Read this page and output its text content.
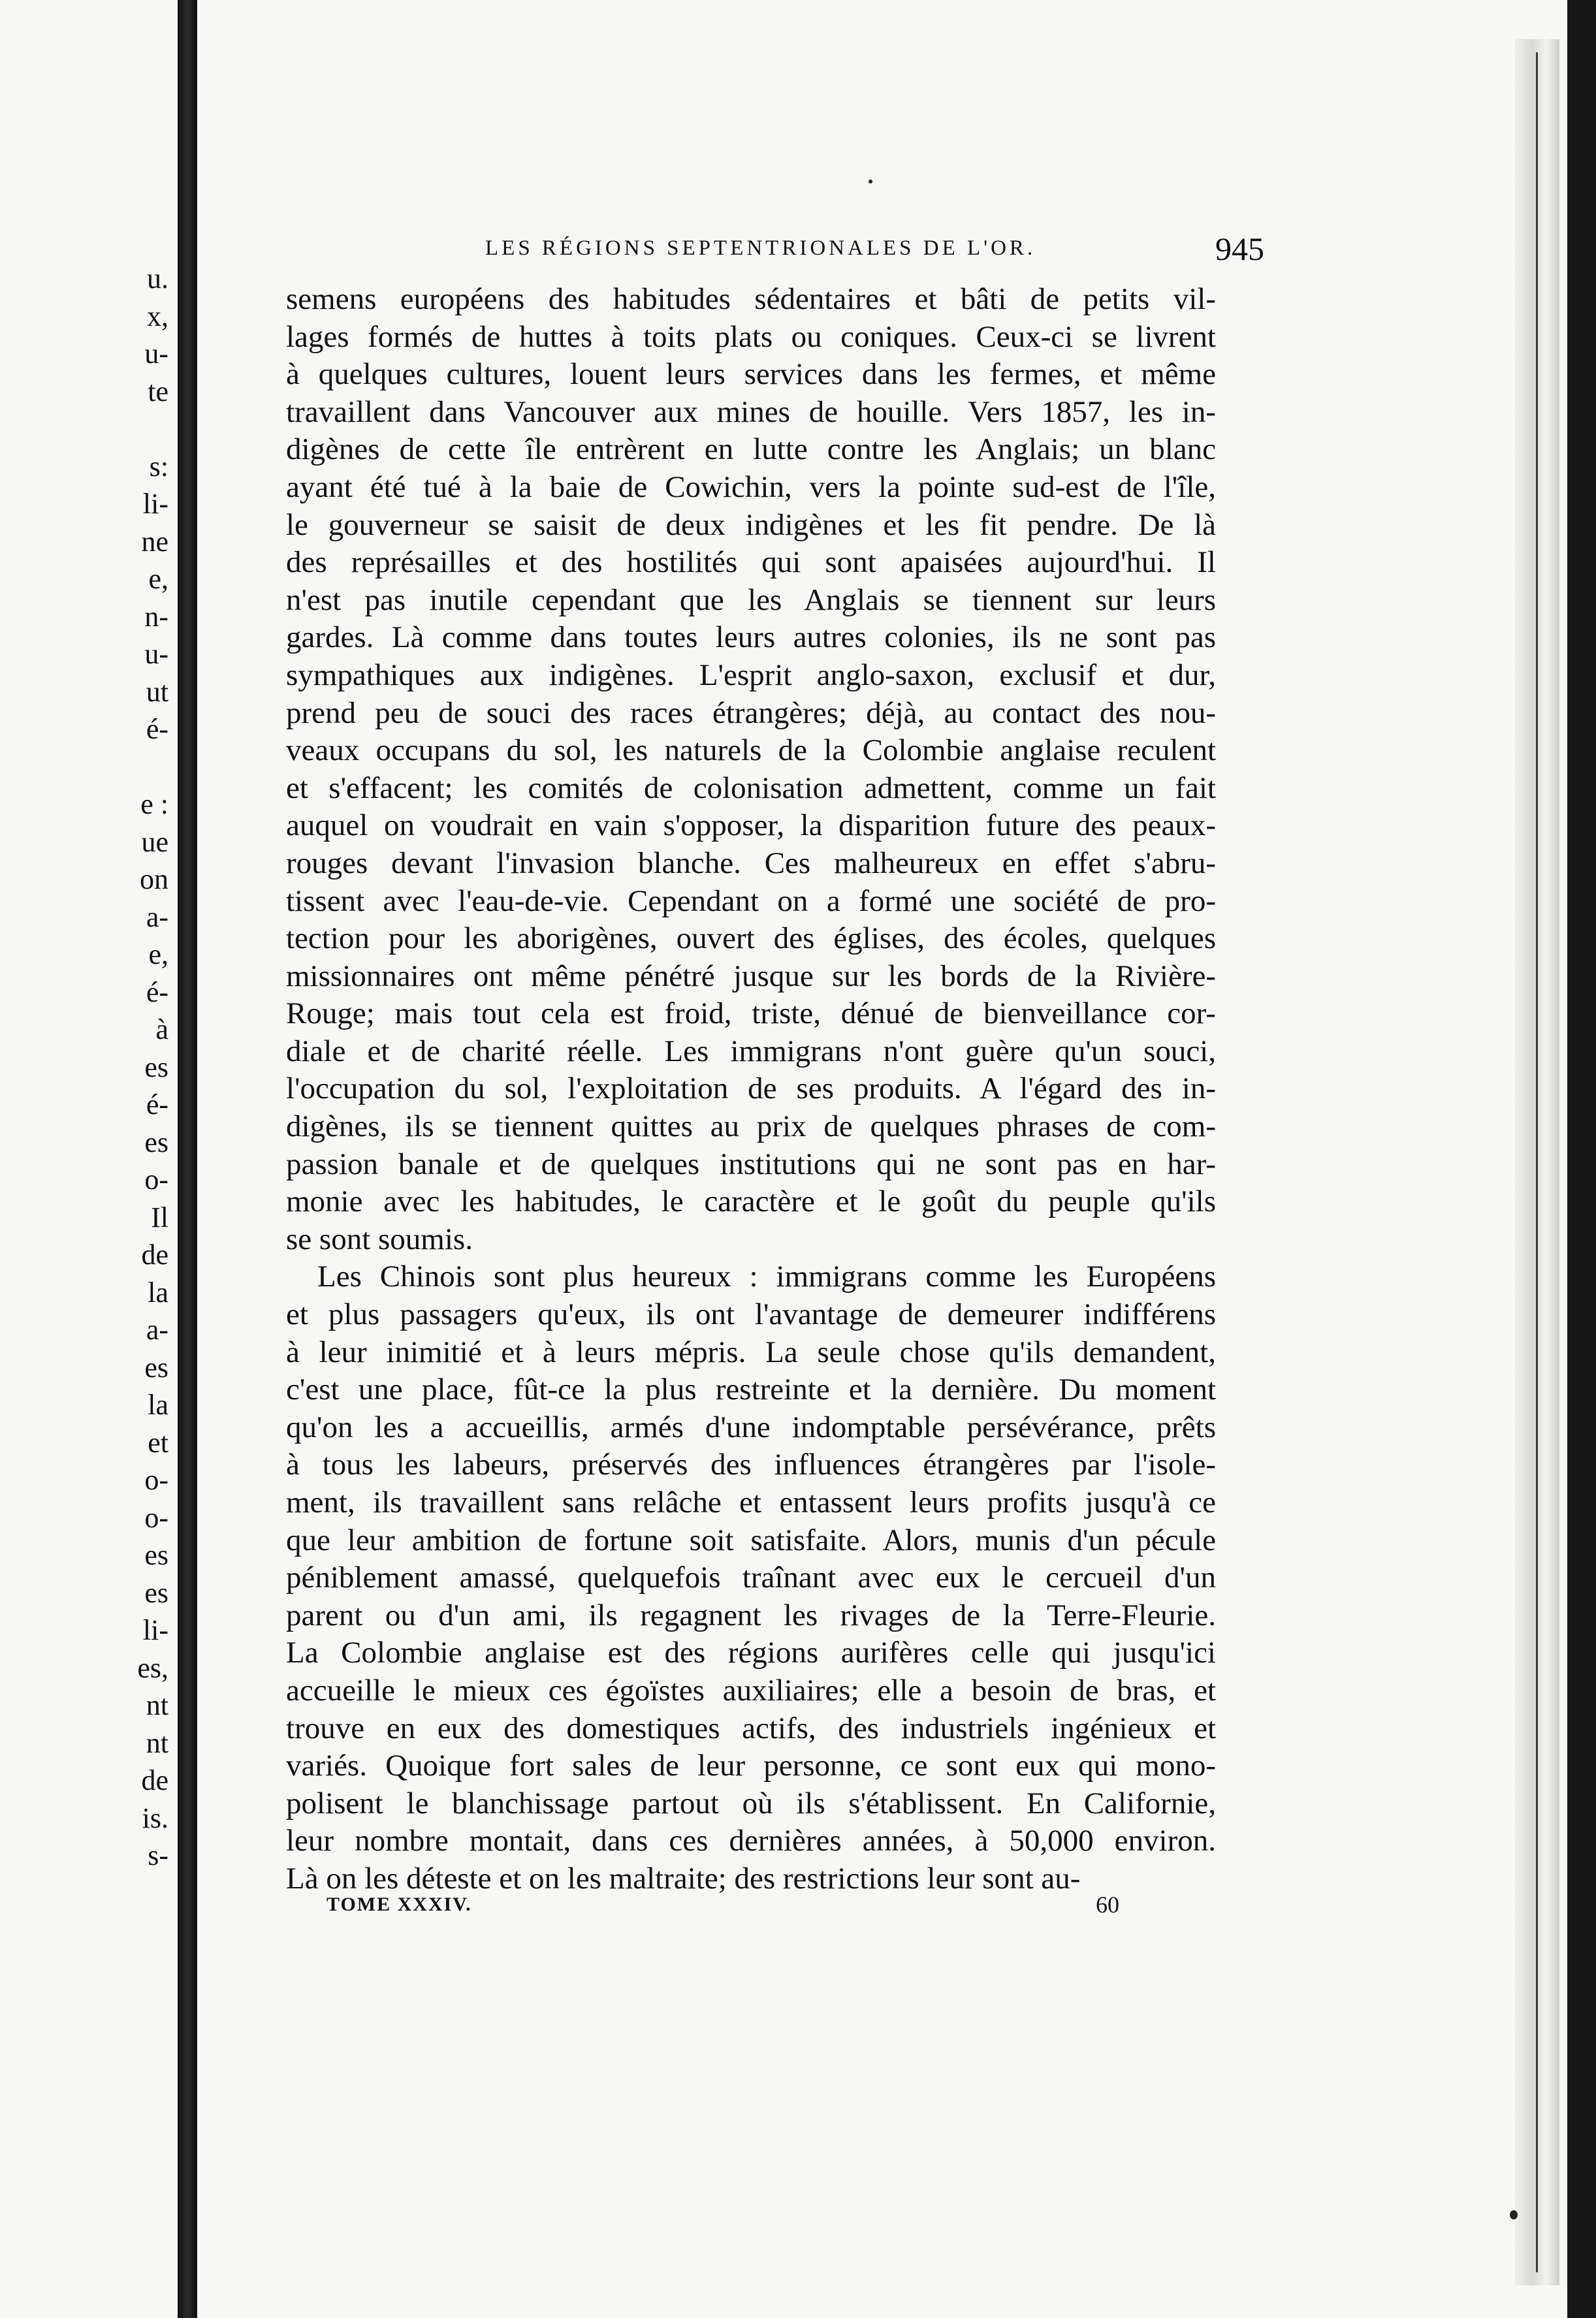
u.
x,
u-
te
s:
li-
ne
e,
n-
u-
ut
é-
e :
ue
on
a-
e,
é-
à
es
é-
es
o-
Il
de
la
a-
es
la
et
o-
o-
es
es
li-
es,
nt
nt
de
is.
s-
LES RÉGIONS SEPTENTRIONALES DE L'OR.	945
semens européens des habitudes sédentaires et bâti de petits vil-
lages formés de huttes à toits plats ou coniques. Ceux-ci se livrent
à quelques cultures, louent leurs services dans les fermes, et même
travaillent dans Vancouver aux mines de houille. Vers 1857, les in-
digènes de cette île entrèrent en lutte contre les Anglais; un blanc
ayant été tué à la baie de Cowichin, vers la pointe sud-est de l'île,
le gouverneur se saisit de deux indigènes et les fit pendre. De là
des représailles et des hostilités qui sont apaisées aujourd'hui. Il
n'est pas inutile cependant que les Anglais se tiennent sur leurs
gardes. Là comme dans toutes leurs autres colonies, ils ne sont pas
sympathiques aux indigènes. L'esprit anglo-saxon, exclusif et dur,
prend peu de souci des races étrangères; déjà, au contact des nou-
veaux occupans du sol, les naturels de la Colombie anglaise reculent
et s'effacent; les comités de colonisation admettent, comme un fait
auquel on voudrait en vain s'opposer, la disparition future des peaux-
rouges devant l'invasion blanche. Ces malheureux en effet s'abru-
tissent avec l'eau-de-vie. Cependant on a formé une société de pro-
tection pour les aborigènes, ouvert des églises, des écoles, quelques
missionnaires ont même pénétré jusque sur les bords de la Rivière-
Rouge; mais tout cela est froid, triste, dénué de bienveillance cor-
diale et de charité réelle. Les immigrans n'ont guère qu'un souci,
l'occupation du sol, l'exploitation de ses produits. A l'égard des in-
digènes, ils se tiennent quittes au prix de quelques phrases de com-
passion banale et de quelques institutions qui ne sont pas en har-
monie avec les habitudes, le caractère et le goût du peuple qu'ils
se sont soumis.
Les Chinois sont plus heureux : immigrans comme les Européens
et plus passagers qu'eux, ils ont l'avantage de demeurer indifférens
à leur inimitié et à leurs mépris. La seule chose qu'ils demandent,
c'est une place, fût-ce la plus restreinte et la dernière. Du moment
qu'on les a accueillis, armés d'une indomptable persévérance, prêts
à tous les labeurs, préservés des influences étrangères par l'isole-
ment, ils travaillent sans relâche et entassent leurs profits jusqu'à ce
que leur ambition de fortune soit satisfaite. Alors, munis d'un pécule
péniblement amassé, quelquefois traînant avec eux le cercueil d'un
parent ou d'un ami, ils regagnent les rivages de la Terre-Fleurie.
La Colombie anglaise est des régions aurifères celle qui jusqu'ici
accueille le mieux ces égoïstes auxiliaires; elle a besoin de bras, et
trouve en eux des domestiques actifs, des industriels ingénieux et
variés. Quoique fort sales de leur personne, ce sont eux qui mono-
polisent le blanchissage partout où ils s'établissent. En Californie,
leur nombre montait, dans ces dernières années, à 50,000 environ.
Là on les déteste et on les maltraite; des restrictions leur sont au-
TOME XXXIV.	60
